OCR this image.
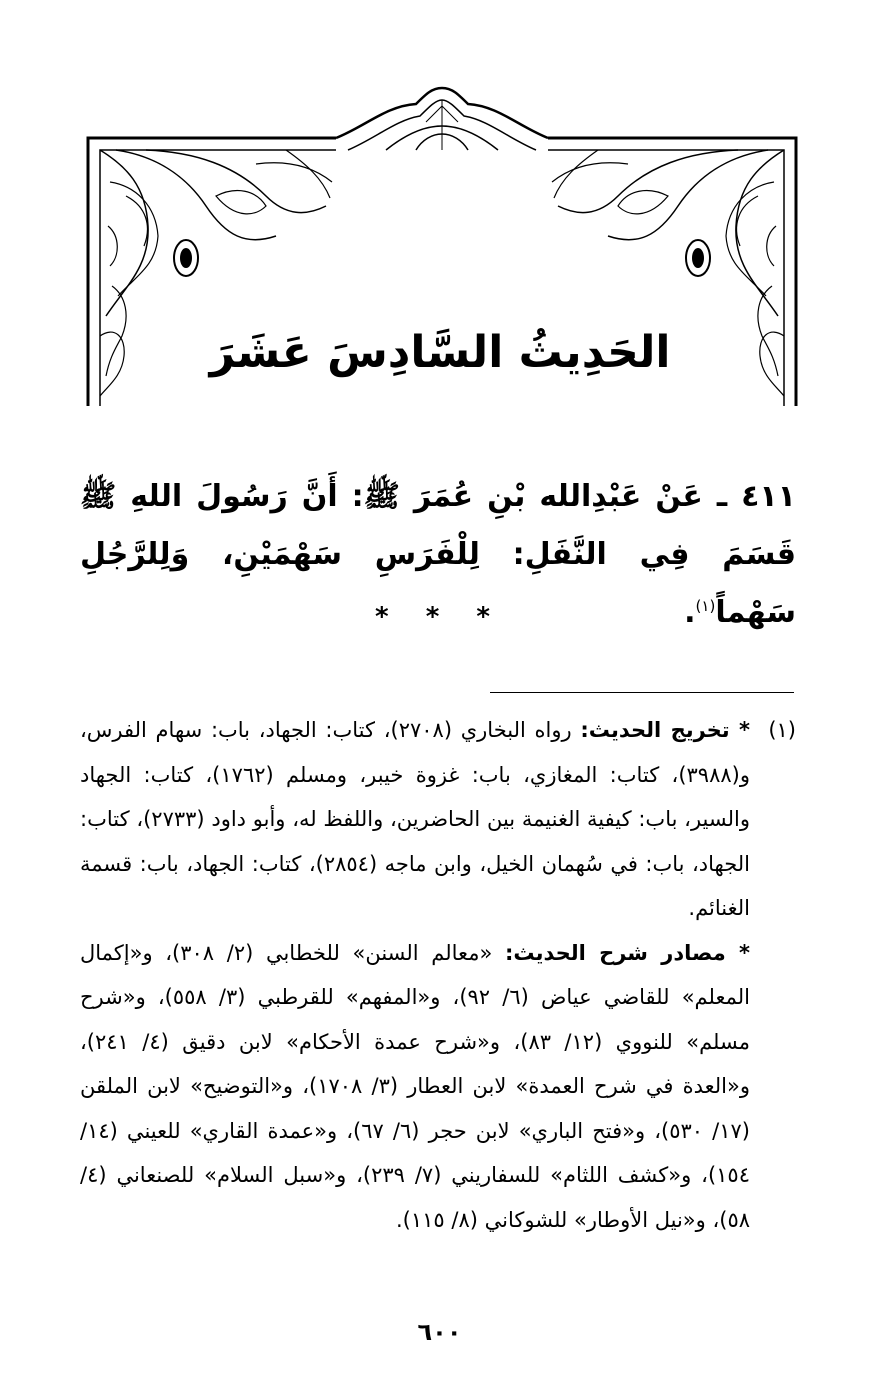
الحَدِيثُ السَّادِسَ عَشَرَ
٤١١ ـ عَنْ عَبْدِالله بْنِ عُمَرَ ﷺ: أَنَّ رَسُولَ اللهِ ﷺ قَسَمَ فِي النَّفَلِ: لِلْفَرَسِ سَهْمَيْنِ، وَلِلرَّجُلِ سَهْماً$^{(١)}$.
* * *
(١)

* تخريج الحديث: رواه البخاري (٢٧٠٨)، كتاب: الجهاد، باب: سهام الفرس، و(٣٩٨٨)، كتاب: المغازي، باب: غزوة خيبر، ومسلم (١٧٦٢)، كتاب: الجهاد والسير، باب: كيفية الغنيمة بين الحاضرين، واللفظ له، وأبو داود (٢٧٣٣)، كتاب: الجهاد، باب: في سُهمان الخيل، وابن ماجه (٢٨٥٤)، كتاب: الجهاد، باب: قسمة الغنائم.

* مصادر شرح الحديث: «معالم السنن» للخطابي (٢/ ٣٠٨)، و«إكمال المعلم» للقاضي عياض (٦/ ٩٢)، و«المفهم» للقرطبي (٣/ ٥٥٨)، و«شرح مسلم» للنووي (١٢/ ٨٣)، و«شرح عمدة الأحكام» لابن دقيق (٤/ ٢٤١)، و«العدة في شرح العمدة» لابن العطار (٣/ ١٧٠٨)، و«التوضيح» لابن الملقن (١٧/ ٥٣٠)، و«فتح الباري» لابن حجر (٦/ ٦٧)، و«عمدة القاري» للعيني (١٤/ ١٥٤)، و«كشف اللثام» للسفاريني (٧/ ٢٣٩)، و«سبل السلام» للصنعاني (٤/ ٥٨)، و«نيل الأوطار» للشوكاني (٨/ ١١٥).

٦٠٠
